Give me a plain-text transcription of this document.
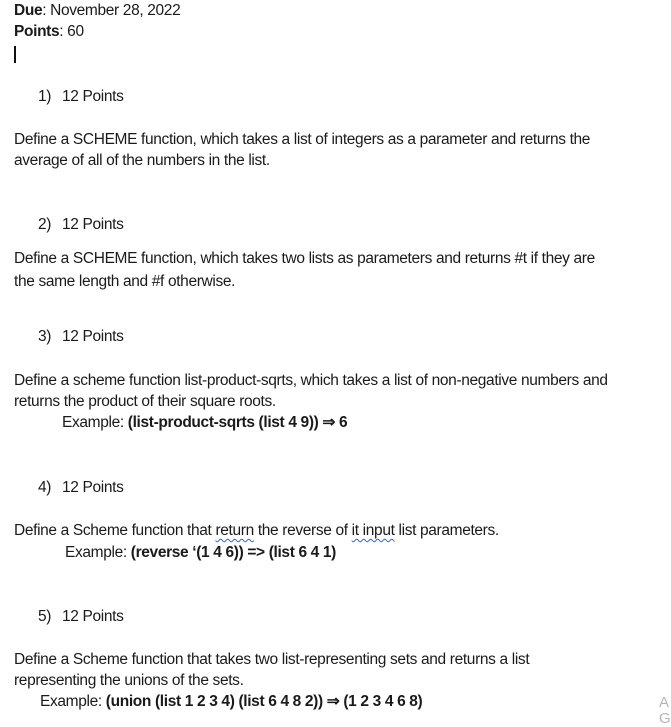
Due: November 28, 2022
Points: 60
1) 12 Points
Define a SCHEME function, which takes a list of integers as a parameter and returns the
average of all of the numbers in the list.
2) 12 Points
Define a SCHEME function, which takes two lists as parameters and returns #t if they are
the same length and #f otherwise.
3) 12 Points
Define a scheme function list-product-sqrts, which takes a list of non-negative numbers and
returns the product of their square roots.
Example: (list-product-sqrts (list 4 9)) ⇒ 6
4) 12 Points
Define a Scheme function that return the reverse of it input list parameters.
Example: (reverse ‘(1 4 6)) => (list 6 4 1)
5) 12 Points
Define a Scheme function that takes two list-representing sets and returns a list
representing the unions of the sets.
Example: (union (list 1 2 3 4) (list 6 4 8 2)) ⇒ (1 2 3 4 6 8)	A G
